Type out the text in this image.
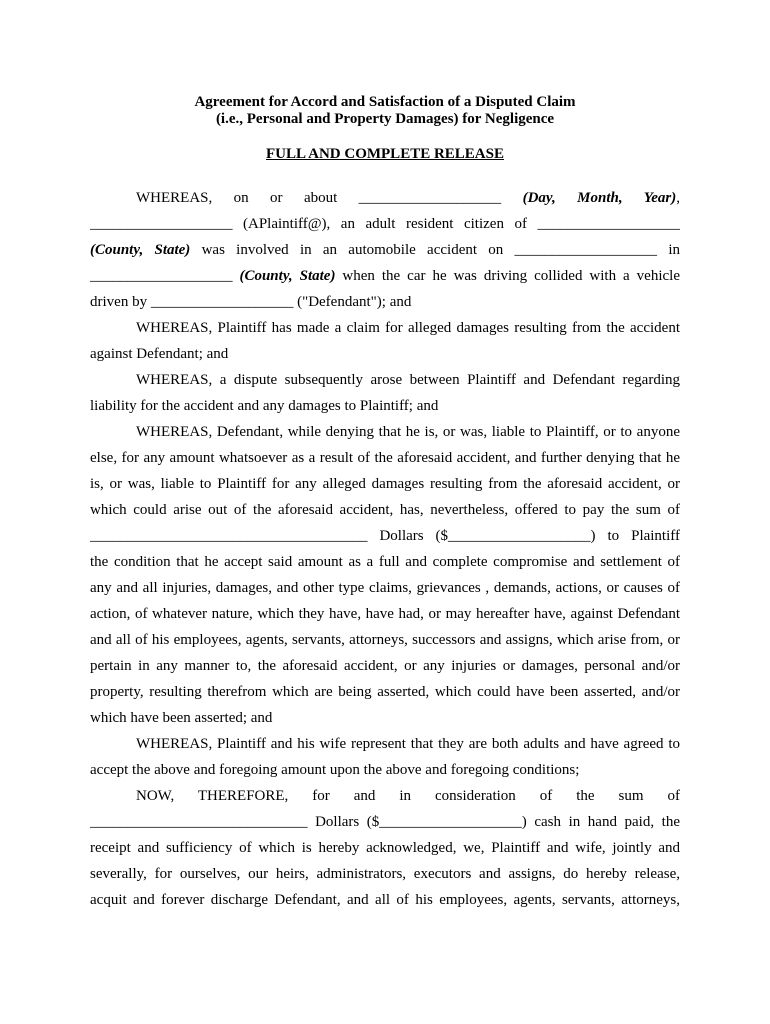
Agreement for Accord and Satisfaction of a Disputed Claim
(i.e., Personal and Property Damages) for Negligence
FULL AND COMPLETE RELEASE
WHEREAS, on or about ___________________ (Day, Month, Year),
___________________ (APlaintiff@), an adult resident citizen of ___________________
(County, State) was involved in an automobile accident on ___________________ in
___________________ (County, State) when the car he was driving collided with a vehicle
driven by ___________________ ("Defendant"); and
WHEREAS, Plaintiff has made a claim for alleged damages resulting from the accident
against Defendant; and
WHEREAS, a dispute subsequently arose between Plaintiff and Defendant regarding
liability for the accident and any damages to Plaintiff; and
WHEREAS, Defendant, while denying that he is, or was, liable to Plaintiff, or to anyone
else, for any amount whatsoever as a result of the aforesaid accident, and further denying that he
is, or was, liable to Plaintiff for any alleged damages resulting from the aforesaid accident, or
which could arise out of the aforesaid accident, has, nevertheless, offered to pay the sum of
_____________________________________ Dollars ($___________________) to Plaintiff
the condition that he accept said amount as a full and complete compromise and settlement of
any and all injuries, damages, and other type claims, grievances , demands, actions, or causes of
action, of whatever nature, which they have, have had, or may hereafter have, against Defendant
and all of his employees, agents, servants, attorneys, successors and assigns, which arise from, or
pertain in any manner to, the aforesaid accident, or any injuries or damages, personal and/or
property, resulting therefrom which are being asserted, which could have been asserted, and/or
which have been asserted; and
WHEREAS, Plaintiff and his wife represent that they are both adults and have agreed to
accept the above and foregoing amount upon the above and foregoing conditions;
NOW, THEREFORE, for and in consideration of the sum of
_____________________________ Dollars ($___________________) cash in hand paid, the
receipt and sufficiency of which is hereby acknowledged, we, Plaintiff and wife, jointly and
severally, for ourselves, our heirs, administrators, executors and assigns, do hereby release,
acquit and forever discharge Defendant, and all of his employees, agents, servants, attorneys,
